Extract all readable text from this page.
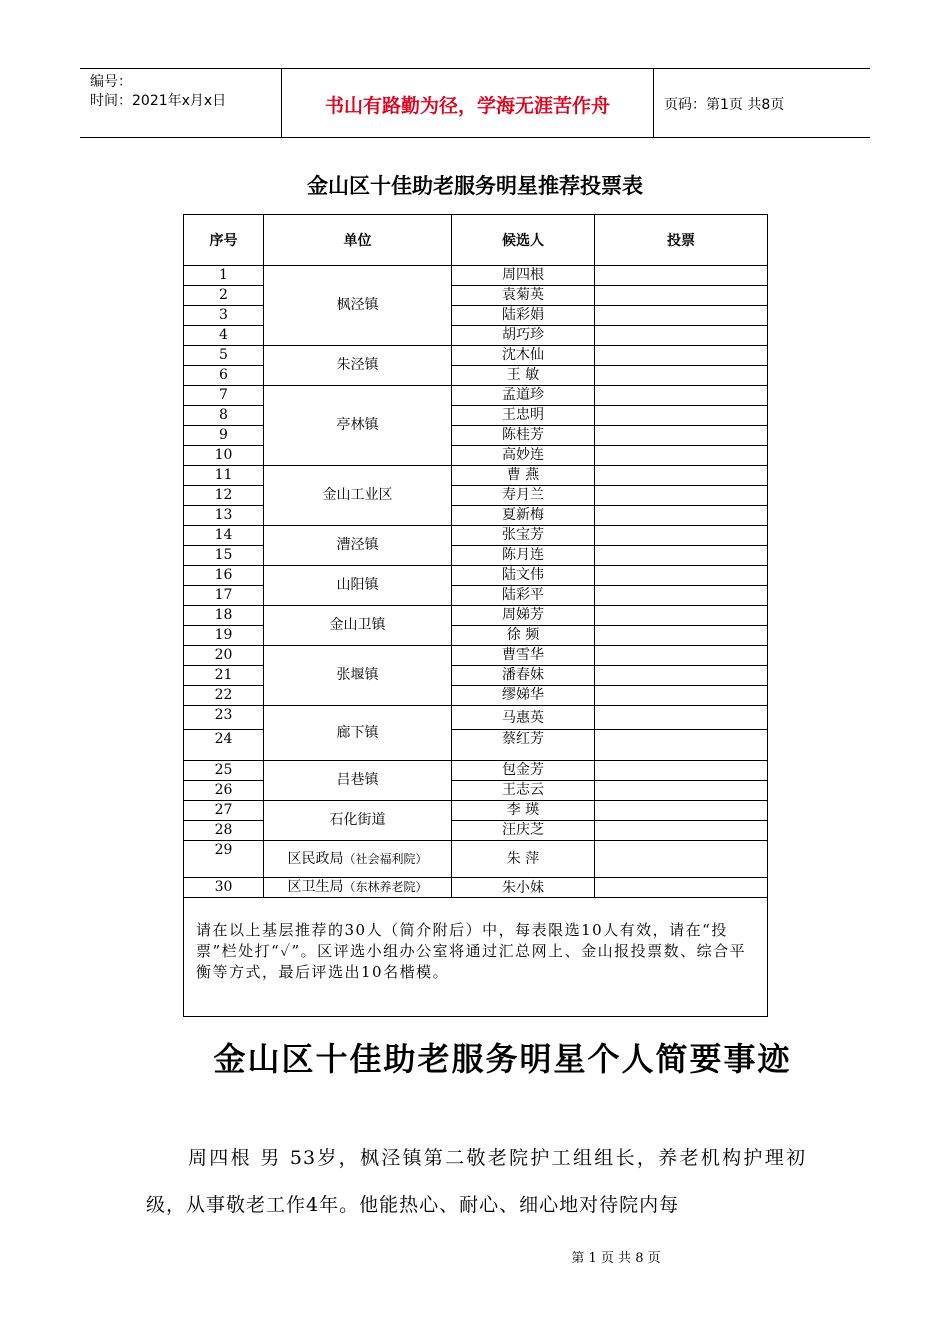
编号：
时间：2021年x月x日	书山有路勤为径，学海无涯苦作舟	页码：第1页 共8页
金山区十佳助老服务明星推荐投票表
序号	单位	候选人	投票
1	枫泾镇	周四根	
2		袁菊英	
3		陆彩娟	
4		胡巧珍	
5	朱泾镇	沈木仙	
6		王 敏	
7	亭林镇	孟道珍	
8		王忠明	
9		陈桂芳	
10		高妙连	
11	金山工业区	曹 燕	
12		寿月兰	
13		夏新梅	
14	漕泾镇	张宝芳	
15		陈月连	
16	山阳镇	陆文伟	
17		陆彩平	
18	金山卫镇	周娣芳	
19		徐 频	
20	张堰镇	曹雪华	
21		潘春妹	
22		缪娣华	
23	廊下镇	马惠英	
24		蔡红芳	
25	吕巷镇	包金芳	
26		王志云	
27	石化街道	李 瑛	
28		汪庆芝	
29	区民政局（社会福利院）	朱 萍	
30	区卫生局（东林养老院）	朱小妹	
请在以上基层推荐的30人（简介附后）中，每表限选10人有效，请在“投票”栏处打“✓”。区评选小组办公室将通过汇总网上、金山报投票数、综合平衡等方式，最后评选出10名楷模。			
金山区十佳助老服务明星个人简要事迹
周四根 男 53岁，枫泾镇第二敬老院护工组组长，养老机构护理初级，从事敬老工作4年。他能热心、耐心、细心地对待院内每
第 1 页 共 8 页
